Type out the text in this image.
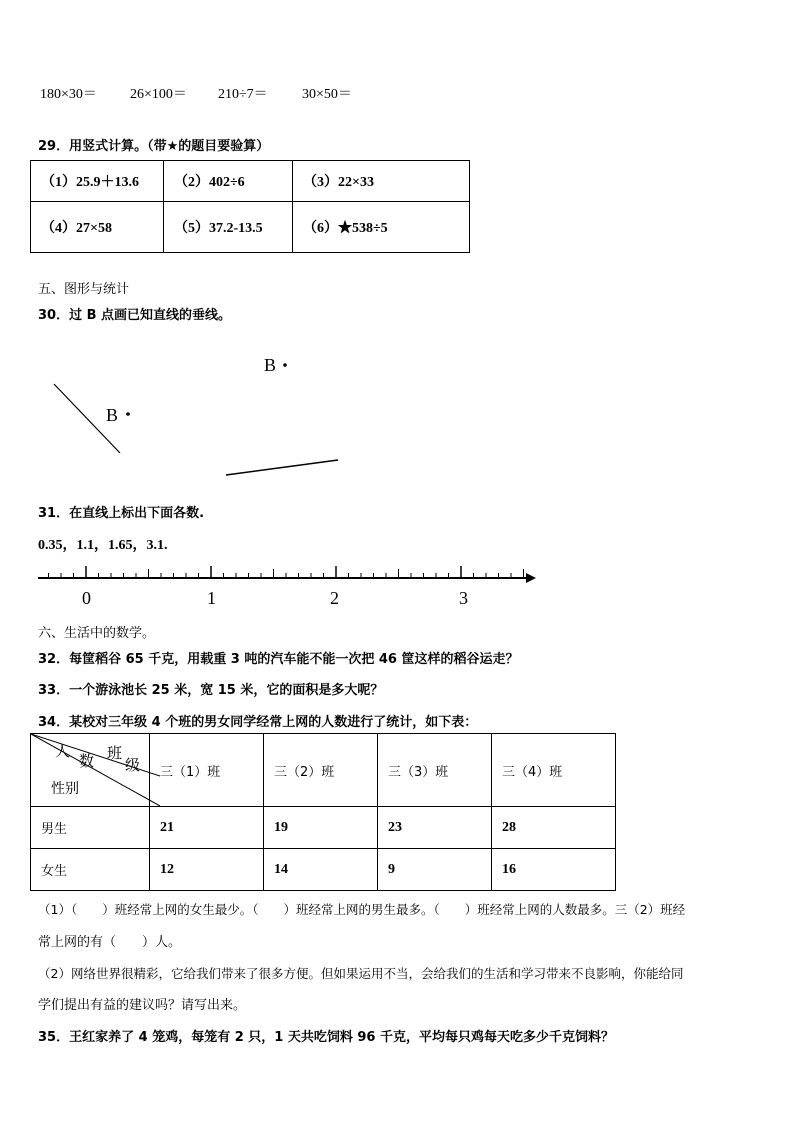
180×30＝ 26×100＝ 210÷7＝ 30×50＝
29．用竖式计算。（带★的题目要验算）
（1）25.9＋13.6	（2）402÷6	（3）22×33
（4）27×58	（5）37.2-13.5	（6）★538÷5
五、图形与统计
30．过 B 点画已知直线的垂线。
B
B
31．在直线上标出下面各数.
0.35，1.1，1.65，3.1.
0	1	2	3
六、生活中的数学。
32．每筐稻谷 65 千克，用载重 3 吨的汽车能不能一次把 46 筐这样的稻谷运走？
33．一个游泳池长 25 米，宽 15 米，它的面积是多大呢？
34．某校对三年级 4 个班的男女同学经常上网的人数进行了统计，如下表：
人
数 班
级
性别	三（1）班	三（2）班	三（3）班	三（4）班
男生	21	19	23	28
女生	12	14	9	16
（1）（　　）班经常上网的女生最少。（　　）班经常上网的男生最多。（　　）班经常上网的人数最多。三（2）班经
常上网的有（　　）人。
（2）网络世界很精彩，它给我们带来了很多方便。但如果运用不当，会给我们的生活和学习带来不良影响，你能给同
学们提出有益的建议吗？请写出来。
35．王红家养了 4 笼鸡，每笼有 2 只，1 天共吃饲料 96 千克，平均每只鸡每天吃多少千克饲料？
